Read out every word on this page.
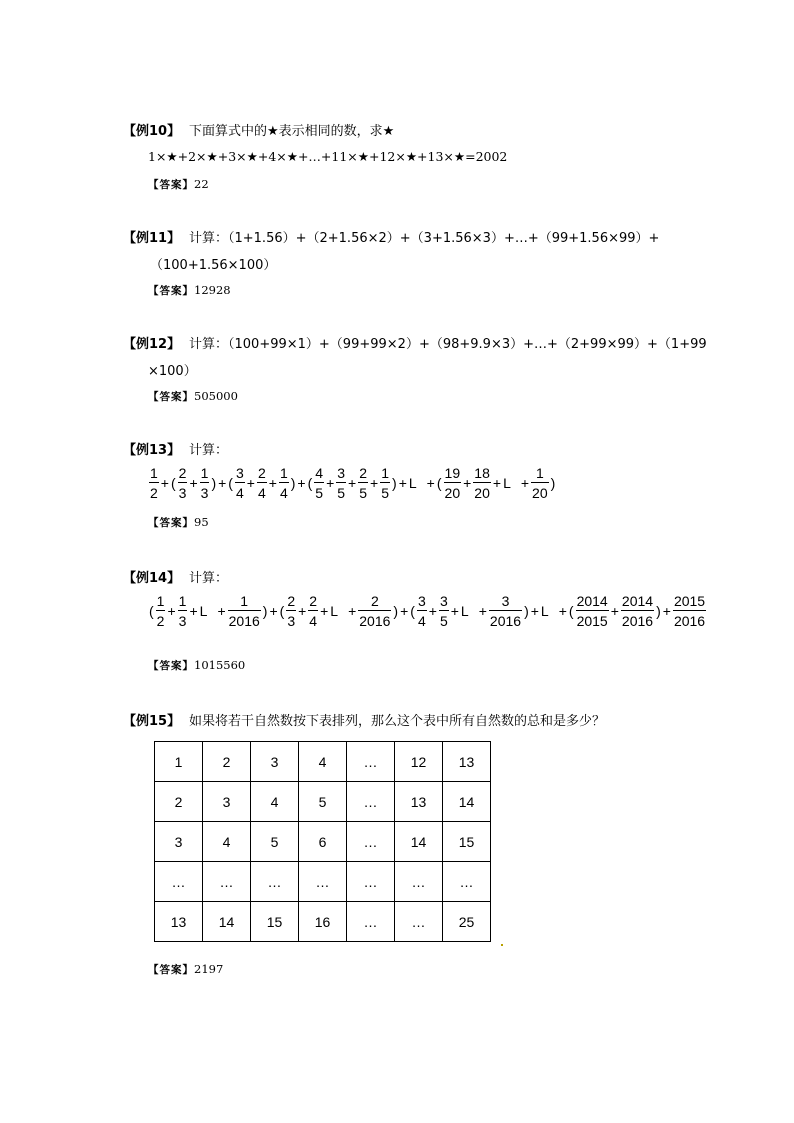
【例10】 下面算式中的★表示相同的数，求★
1×★+2×★+3×★+4×★+…+11×★+12×★+13×★=2002
【答案】22
【例11】 计算：（1+1.56）+（2+1.56×2）+（3+1.56×3）+…+（99+1.56×99）+
（100+1.56×100）
【答案】12928
【例12】 计算：（100+99×1）+（99+99×2）+（98+9.9×3）+…+（2+99×99）+（1+99
×100）
【答案】505000
【例13】 计算：
$\frac{1}{2}$ + ( $\frac{2}{3} + \frac{1}{3}$ ) + ( $\frac{3}{4} + \frac{2}{4} + \frac{1}{4}$ ) + ( $\frac{4}{5} + \frac{3}{5} + \frac{2}{5} + \frac{1}{5}$ ) + L + ( $\frac{19}{20} + \frac{18}{20} + L + \frac{1}{20}$ )
【答案】95
【例14】 计算：
( $\frac{1}{2} + \frac{1}{3} + L + \frac{1}{2016}$ ) + ( $\frac{2}{3} + \frac{2}{4} + L + \frac{2}{2016}$ ) + ( $\frac{3}{4} + \frac{3}{5} + L + \frac{3}{2016}$ ) + L + ( $\frac{2014}{2015} + \frac{2014}{2016}$ ) + $\frac{2015}{2016}$
【答案】1015560
【例15】 如果将若干自然数按下表排列，那么这个表中所有自然数的总和是多少？
1	2	3	4	…	12	13
2	3	4	5	…	13	14
3	4	5	6	…	14	15
…	…	…	…	…	…	…
13	14	15	16	…	…	25
【答案】2197
